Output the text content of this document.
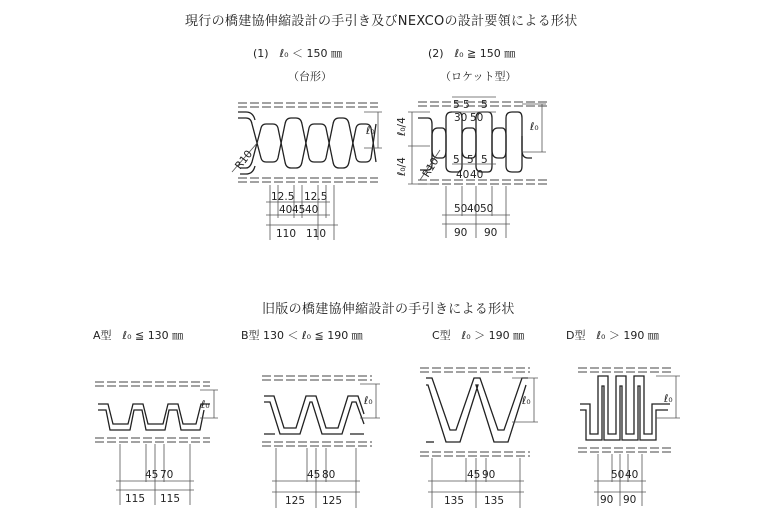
現行の橋建協伸縮設計の手引き及びNEXCOの設計要領による形状
(1)　ℓ₀ ＜ 150 ㎜
（台形）
(2)　ℓ₀ ≧ 150 ㎜
（ロケット型）
旧版の橋建協伸縮設計の手引きによる形状
A型　ℓ₀ ≦ 130 ㎜	B型 130 ＜ ℓ₀ ≦ 190 ㎜	C型　ℓ₀ ＞ 190 ㎜	D型　ℓ₀ ＞ 190 ㎜
ℓ₀
R10
12.5 12.5
40 45 40
110 110
ℓ₀
ℓ₀/4
ℓ₀/4 R10
5 5 5
30 50
5 5 5
40 40
50 40 50
90 90
ℓ₀
45 70
115 115
ℓ₀
45 80
125 125
ℓ₀
45 90
135 135
ℓ₀
50 40
90 90
